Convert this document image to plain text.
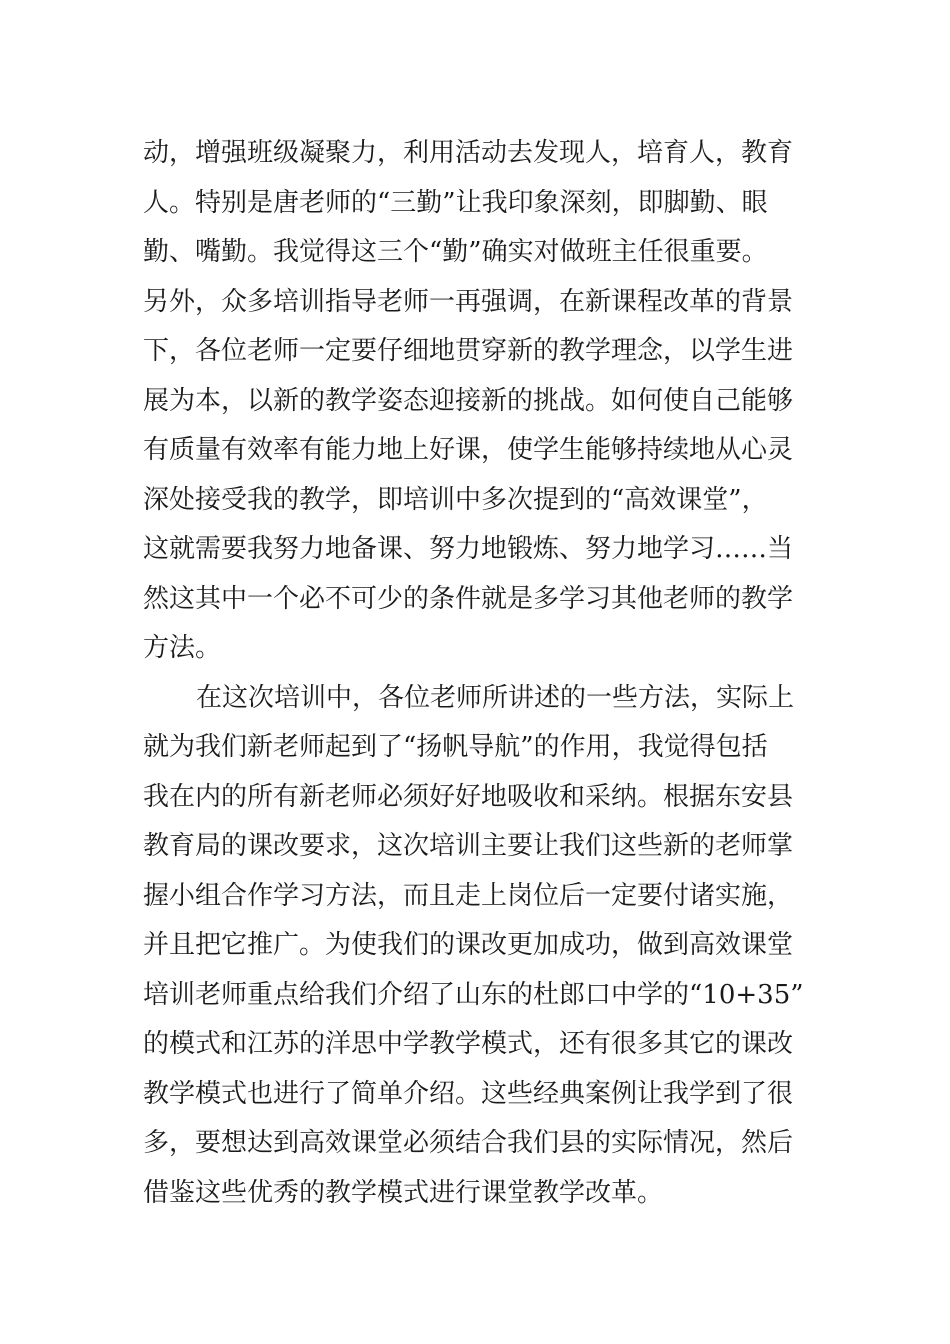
动，增强班级凝聚力，利用活动去发现人，培育人，教育
人。特别是唐老师的“三勤”让我印象深刻，即脚勤、眼
勤、嘴勤。我觉得这三个“勤”确实对做班主任很重要。
另外，众多培训指导老师一再强调，在新课程改革的背景
下，各位老师一定要仔细地贯穿新的教学理念，以学生进
展为本，以新的教学姿态迎接新的挑战。如何使自己能够
有质量有效率有能力地上好课，使学生能够持续地从心灵
深处接受我的教学，即培训中多次提到的“高效课堂”，
这就需要我努力地备课、努力地锻炼、努力地学习……当
然这其中一个必不可少的条件就是多学习其他老师的教学
方法。
在这次培训中，各位老师所讲述的一些方法，实际上
就为我们新老师起到了“扬帆导航”的作用，我觉得包括
我在内的所有新老师必须好好地吸收和采纳。根据东安县
教育局的课改要求，这次培训主要让我们这些新的老师掌
握小组合作学习方法，而且走上岗位后一定要付诸实施，
并且把它推广。为使我们的课改更加成功，做到高效课堂
培训老师重点给我们介绍了山东的杜郎口中学的“10+35”
的模式和江苏的洋思中学教学模式，还有很多其它的课改
教学模式也进行了简单介绍。这些经典案例让我学到了很
多，要想达到高效课堂必须结合我们县的实际情况，然后
借鉴这些优秀的教学模式进行课堂教学改革。
